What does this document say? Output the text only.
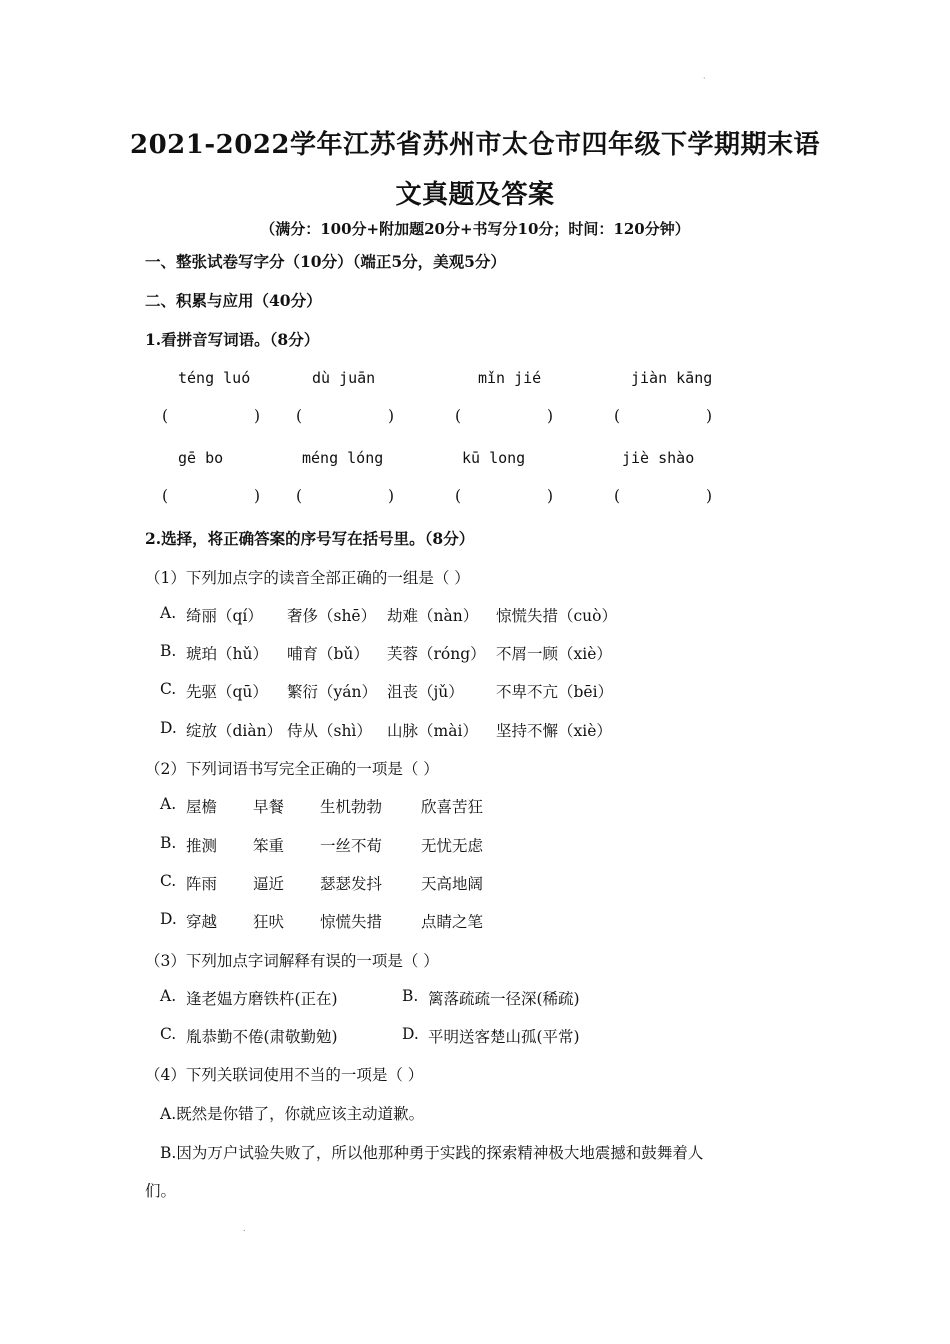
·
2021-2022学年江苏省苏州市太仓市四年级下学期期末语
文真题及答案
（满分：100分+附加题20分+书写分10分；时间：120分钟）
一、整张试卷写字分（10分）（端正5分，美观5分）
二、积累与应用（40分）
1.看拼音写词语。（8分）
téng luó	dù juān	mǐn jié	jiàn kāng
(	) (	)	(	)	(	)
gē bo	méng lóng	kū long	jiè shào
(	) (	)	(	)	(	)
2.选择，将正确答案的序号写在括号里。（8分）
（1）下列加点字的读音全部正确的一组是（ ）
A. 绮丽（qí） 奢侈（shē） 劫难（nàn） 惊慌失措（cuò）
B. 琥珀（hǔ） 哺育（bǔ） 芙蓉（róng） 不屑一顾（xiè）
C. 先驱（qū） 繁衍（yán） 沮丧（jǔ） 不卑不亢（bēi）
D. 绽放（diàn） 侍从（shì） 山脉（mài） 坚持不懈（xiè）
（2）下列词语书写完全正确的一项是（ ）
A. 屋檐 早餐 生机勃勃	欣喜苦狂
B. 推测 笨重 一丝不荀	无忧无虑
C. 阵雨 逼近 瑟瑟发抖	天高地阔
D. 穿越 狂吠 惊慌失措	点睛之笔
（3）下列加点字词解释有误的一项是（ ）
A. 逢老媪方磨铁杵(正在)	B. 篱落疏疏一径深(稀疏)
C. 胤恭勤不倦(肃敬勤勉)	D. 平明送客楚山孤(平常)
（4）下列关联词使用不当的一项是（ ）
A.既然是你错了，你就应该主动道歉。
B.因为万户试验失败了，所以他那种勇于实践的探索精神极大地震撼和鼓舞着人
们。
.
